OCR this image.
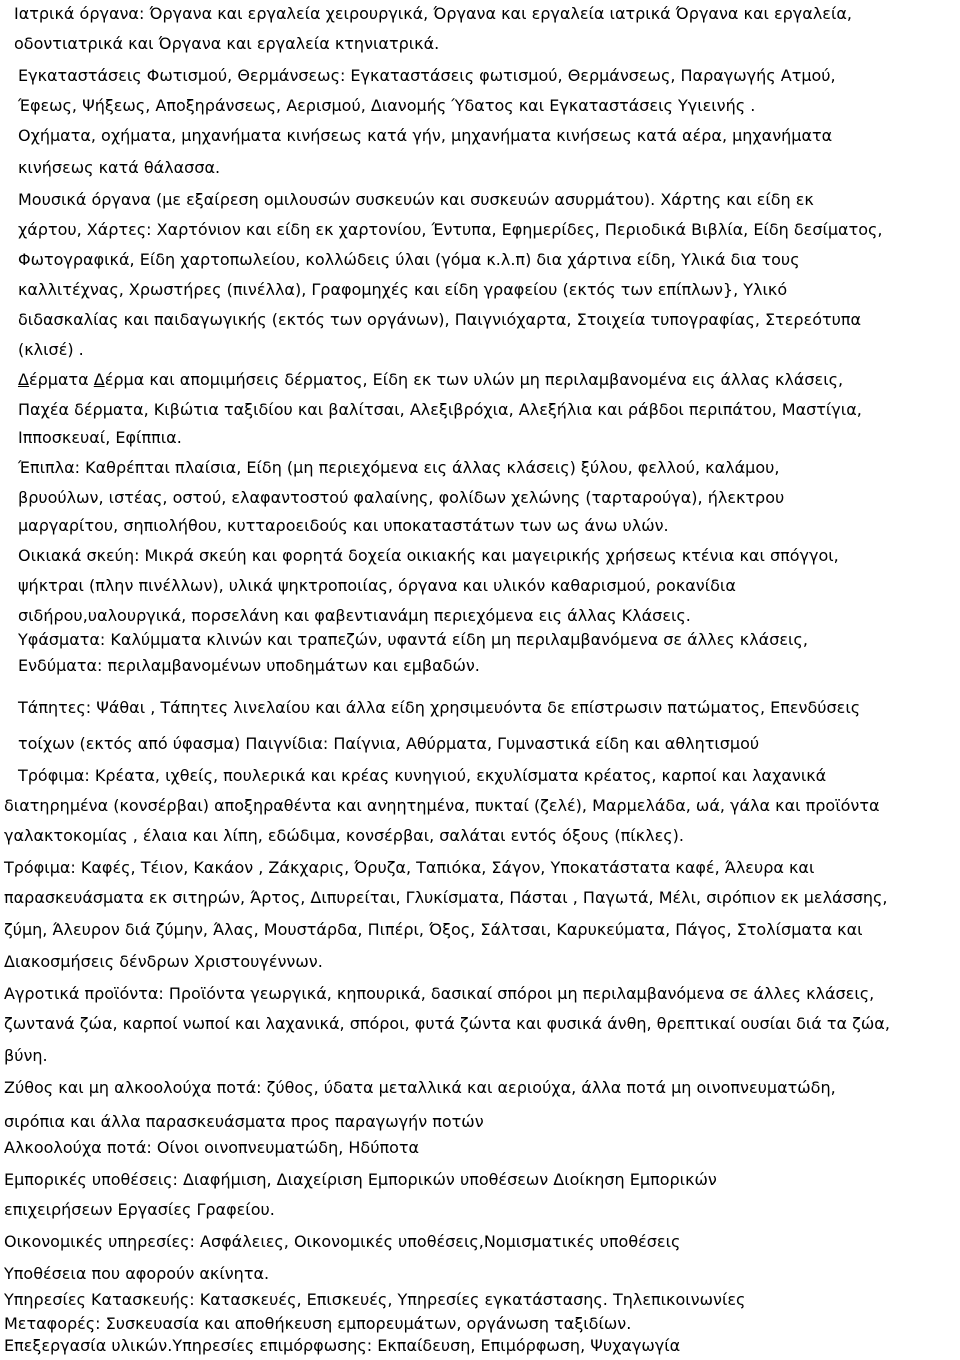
Ιατρικά όργανα: Όργανα και εργαλεία χειρουργικά, Όργανα και εργαλεία ιατρικά Όργανα και εργαλεία,
οδοντιατρικά και Όργανα και εργαλεία κτηνιατρικά.
Εγκαταστάσεις Φωτισμού, Θερμάνσεως: Εγκαταστάσεις φωτισμού, Θερμάνσεως, Παραγωγής Ατμού,
Έφεως, Ψήξεως, Αποξηράνσεως, Αερισμού, Διανομής Ύδατος και Εγκαταστάσεις Υγιεινής .
Οχήματα, οχήματα, μηχανήματα κινήσεως κατά γήν, μηχανήματα κινήσεως κατά αέρα, μηχανήματα
κινήσεως κατά θάλασσα.
Μουσικά όργανα (με εξαίρεση ομιλουσών συσκευών και συσκευών ασυρμάτου). Χάρτης και είδη εκ
χάρτου, Χάρτες: Χαρτόνιον και είδη εκ χαρτονίου, Έντυπα, Εφημερίδες, Περιοδικά Βιβλία, Είδη δεσίματος,
Φωτογραφικά, Είδη χαρτοπωλείου, κολλώδεις ύλαι (γόμα κ.λ.π) δια χάρτινα είδη, Υλικά δια τους
καλλιτέχνας, Χρωστήρες (πινέλλα), Γραφομηχές και είδη γραφείου (εκτός των επίπλων}, Υλικό
διδασκαλίας και παιδαγωγικής (εκτός των οργάνων), Παιγνιόχαρτα, Στοιχεία τυπογραφίας, Στερεότυπα
(κλισέ) .
Δέρματα Δέρμα και απομιμήσεις δέρματος, Είδη εκ των υλών μη περιλαμβανομένα εις άλλας κλάσεις,
Παχέα δέρματα, Κιβώτια ταξιδίου και βαλίτσαι, Αλεξιβρόχια, Αλεξήλια και ράβδοι περιπάτου, Μαστίγια,
Ιπποσκευαί, Εφίππια.
Έπιπλα: Καθρέπται πλαίσια, Είδη (μη περιεχόμενα εις άλλας κλάσεις) ξύλου, φελλού, καλάμου,
βρυούλων, ιστέας, οστού, ελαφαντοστού φαλαίνης, φολίδων χελώνης (ταρταρούγα), ήλεκτρου
μαργαρίτου, σηπιολήθου, κυτταροειδούς και υποκαταστάτων των ως άνω υλών.
Οικιακά σκεύη: Μικρά σκεύη και φορητά δοχεία οικιακής και μαγειρικής χρήσεως κτένια και σπόγγοι,
ψήκτραι (πλην πινέλλων), υλικά ψηκτροποιίας, όργανα και υλικόν καθαρισμού, ροκανίδια
σιδήρου,υαλουργικά, πορσελάνη και φαβεντιανάμη περιεχόμενα εις άλλας Κλάσεις.
Υφάσματα: Καλύμματα κλινών και τραπεζών, υφαντά είδη μη περιλαμβανόμενα σε άλλες κλάσεις,
Ενδύματα: περιλαμβανομένων υποδημάτων και εμβαδών.
Τάπητες: Ψάθαι , Τάπητες λινελαίου και άλλα είδη χρησιμευόντα δε επίστρωσιν πατώματος, Επενδύσεις
τοίχων (εκτός από ύφασμα) Παιγνίδια: Παίγνια, Αθύρματα, Γυμναστικά είδη και αθλητισμού
Τρόφιμα: Κρέατα, ιχθείς, πουλερικά και κρέας κυνηγιού, εκχυλίσματα κρέατος, καρποί και λαχανικά
διατηρημένα (κονσέρβαι) αποξηραθέντα και ανηητημένα, πυκταί (ζελέ), Μαρμελάδα, ωά, γάλα και προϊόντα
γαλακτοκομίας , έλαια και λίπη, εδώδιμα, κονσέρβαι, σαλάται εντός όξους (πίκλες).
Τρόφιμα: Καφές, Τέιον, Κακάον , Ζάκχαρις, Όρυζα, Ταπιόκα, Σάγον, Υποκατάστατα καφέ, Άλευρα και
παρασκευάσματα εκ σιτηρών, Άρτος, Διπυρείται, Γλυκίσματα, Πάσται , Παγωτά, Μέλι, σιρόπιον εκ μελάσσης,
ζύμη, Άλευρον διά ζύμην, Άλας, Μουστάρδα, Πιπέρι, Όξος, Σάλτσαι, Καρυκεύματα, Πάγος, Στολίσματα και
Διακοσμήσεις δένδρων Χριστουγέννων.
Αγροτικά προϊόντα: Προϊόντα γεωργικά, κηπουρικά, δασικαί σπόροι μη περιλαμβανόμενα σε άλλες κλάσεις,
ζωντανά ζώα, καρποί νωποί και λαχανικά, σπόροι, φυτά ζώντα και φυσικά άνθη, θρεπτικαί ουσίαι διά τα ζώα,
βύνη.
Ζύθος και μη αλκοολούχα ποτά: ζύθος, ύδατα μεταλλικά και αεριούχα, άλλα ποτά μη οινοπνευματώδη,
σιρόπια και άλλα παρασκευάσματα προς παραγωγήν ποτών
Αλκοολούχα ποτά: Οίνοι οινοπνευματώδη, Ηδύποτα
Εμπορικές υποθέσεις: Διαφήμιση, Διαχείριση Εμπορικών υποθέσεων Διοίκηση Εμπορικών
επιχειρήσεων Εργασίες Γραφείου.
Οικονομικές υπηρεσίες: Ασφάλειες, Οικονομικές υποθέσεις,Νομισματικές υποθέσεις
Υποθέσεια που αφορούν ακίνητα.
Υπηρεσίες Κατασκευής: Κατασκευές, Επισκευές, Υπηρεσίες εγκατάστασης. Τηλεπικοινωνίες
Μεταφορές: Συσκευασία και αποθήκευση εμπορευμάτων, οργάνωση ταξιδίων.
Επεξεργασία υλικών.Υπηρεσίες επιμόρφωσης: Εκπαίδευση, Επιμόρφωση, Ψυχαγωγία
